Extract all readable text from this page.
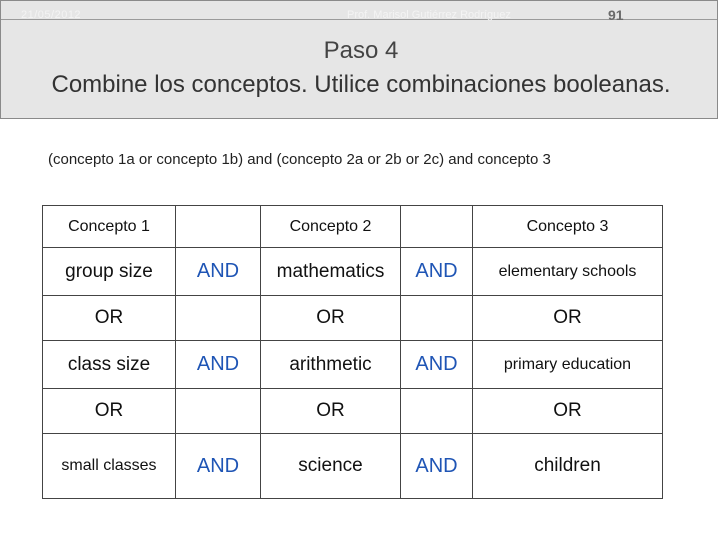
21/05/2012	Prof. Marisol Gutiérrez Rodríguez	91
Paso 4
Combine los conceptos. Utilice combinaciones booleanas.
(concepto 1a or concepto 1b) and (concepto 2a or 2b or 2c) and concepto 3
Concepto 1		Concepto 2		Concepto 3
group size	AND	mathematics	AND	elementary schools
OR		OR		OR
class size	AND	arithmetic	AND	primary education
OR		OR		OR
small classes	AND	science	AND	children
